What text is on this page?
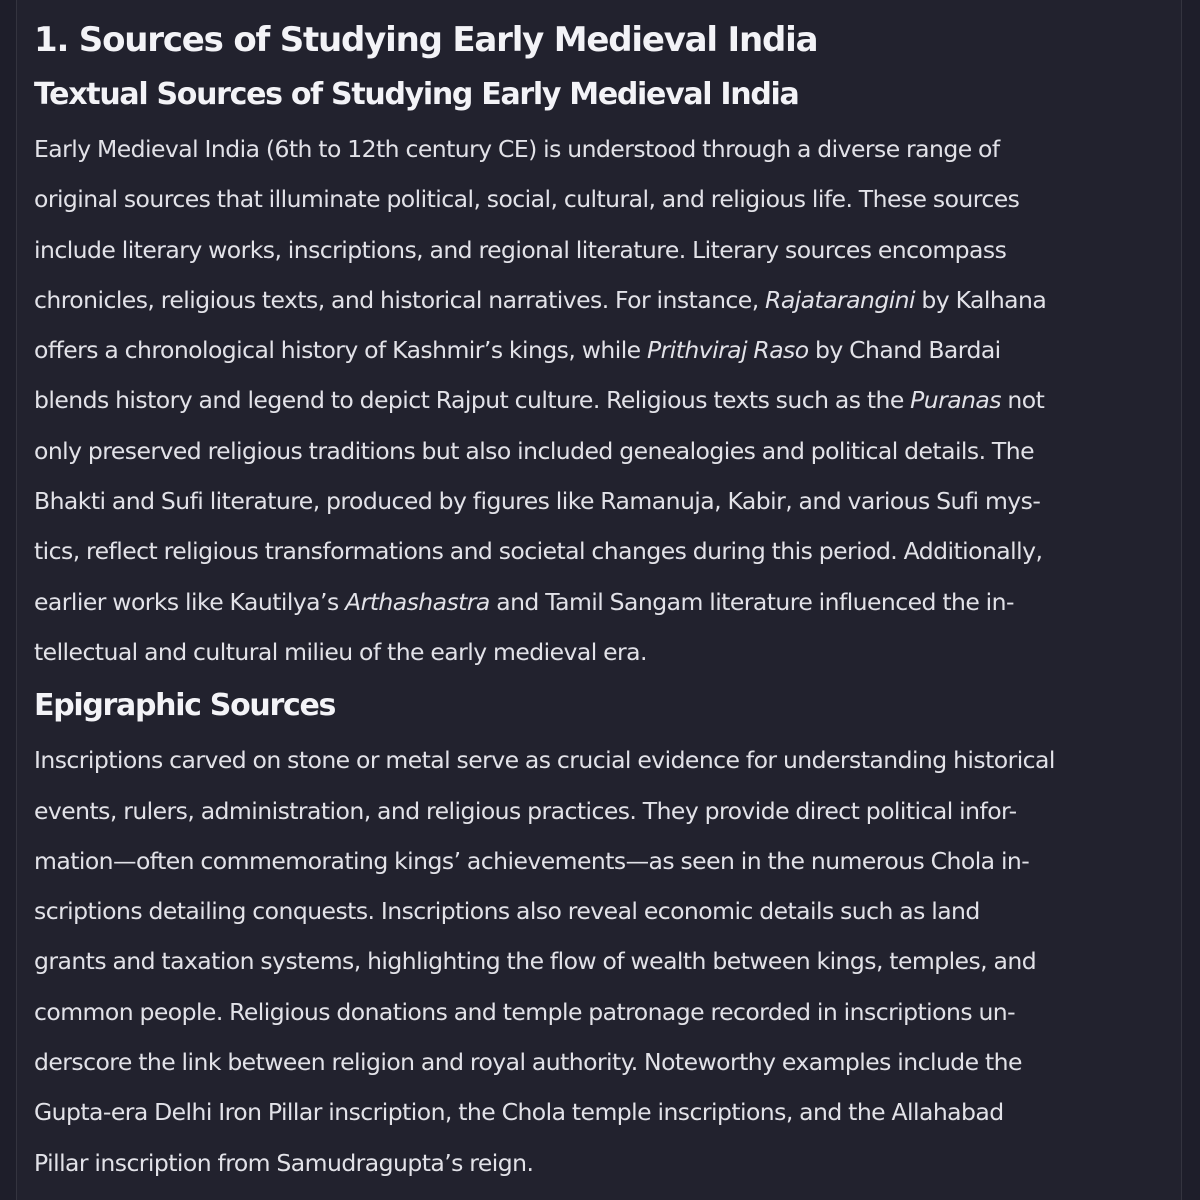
1. Sources of Studying Early Medieval India
Textual Sources of Studying Early Medieval India
Early Medieval India (6th to 12th century CE) is understood through a diverse range of
original sources that illuminate political, social, cultural, and religious life. These sources
include literary works, inscriptions, and regional literature. Literary sources encompass
chronicles, religious texts, and historical narratives. For instance, Rajatarangini by Kalhana
offers a chronological history of Kashmir’s kings, while Prithviraj Raso by Chand Bardai
blends history and legend to depict Rajput culture. Religious texts such as the Puranas not
only preserved religious traditions but also included genealogies and political details. The
Bhakti and Sufi literature, produced by figures like Ramanuja, Kabir, and various Sufi mys-
tics, reflect religious transformations and societal changes during this period. Additionally,
earlier works like Kautilya’s Arthashastra and Tamil Sangam literature influenced the in-
tellectual and cultural milieu of the early medieval era.
Epigraphic Sources
Inscriptions carved on stone or metal serve as crucial evidence for understanding historical
events, rulers, administration, and religious practices. They provide direct political infor-
mation—often commemorating kings’ achievements—as seen in the numerous Chola in-
scriptions detailing conquests. Inscriptions also reveal economic details such as land
grants and taxation systems, highlighting the flow of wealth between kings, temples, and
common people. Religious donations and temple patronage recorded in inscriptions un-
derscore the link between religion and royal authority. Noteworthy examples include the
Gupta-era Delhi Iron Pillar inscription, the Chola temple inscriptions, and the Allahabad
Pillar inscription from Samudragupta’s reign.
